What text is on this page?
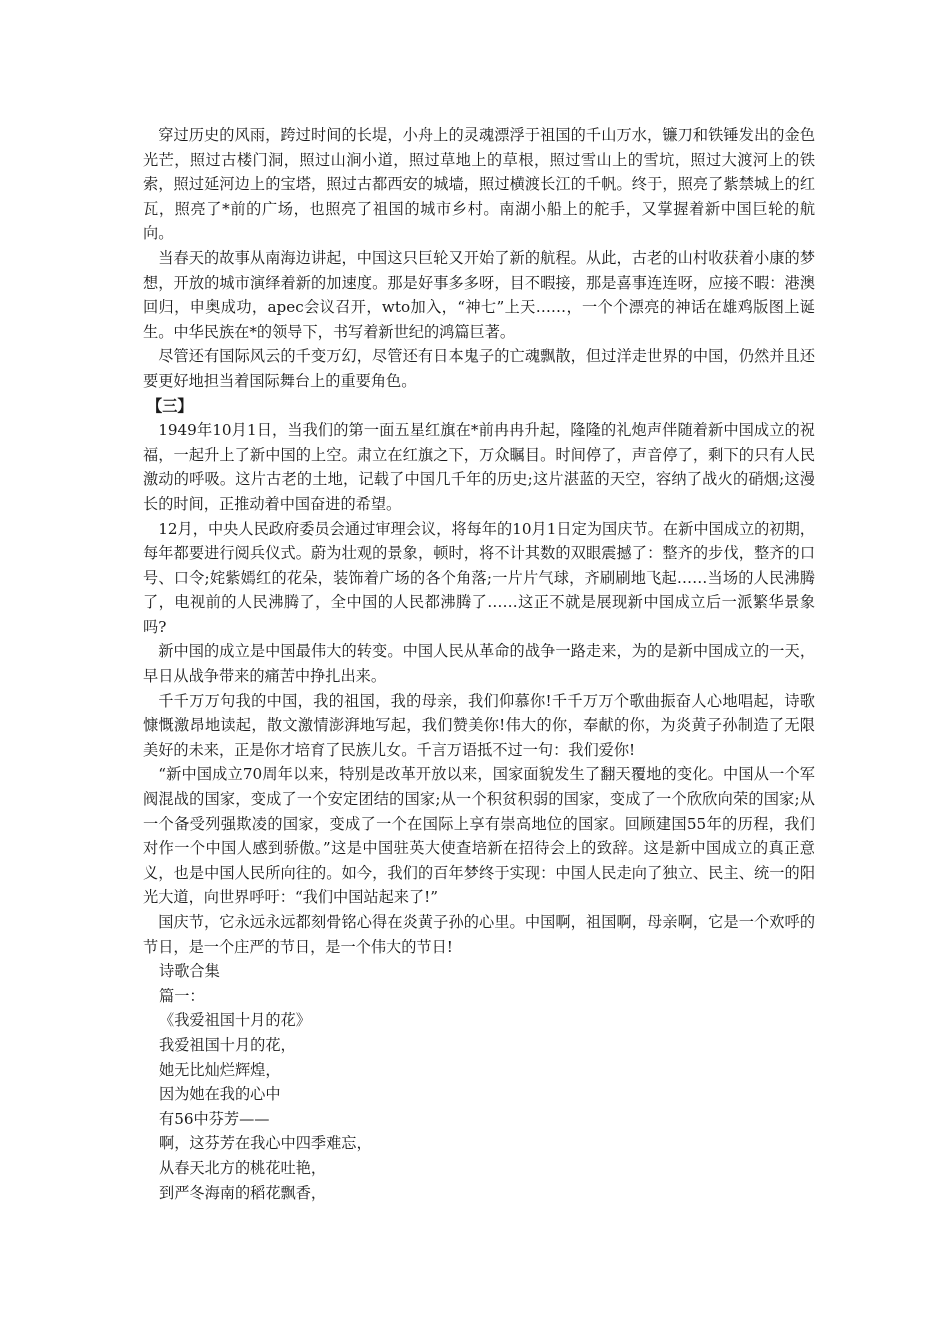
穿过历史的风雨，跨过时间的长堤，小舟上的灵魂漂浮于祖国的千山万水，镰刀和铁锤发出的金色光芒，照过古楼门洞，照过山涧小道，照过草地上的草根，照过雪山上的雪坑，照过大渡河上的铁索，照过延河边上的宝塔，照过古都西安的城墙，照过横渡长江的千帆。终于，照亮了紫禁城上的红瓦，照亮了*前的广场，也照亮了祖国的城市乡村。南湖小船上的舵手，又掌握着新中国巨轮的航向。

当春天的故事从南海边讲起，中国这只巨轮又开始了新的航程。从此，古老的山村收获着小康的梦想，开放的城市演绎着新的加速度。那是好事多多呀，目不暇接，那是喜事连连呀，应接不暇：港澳回归，申奥成功，apec会议召开，wto加入，“神七”上天……，一个个漂亮的神话在雄鸡版图上诞生。中华民族在*的领导下，书写着新世纪的鸿篇巨著。

尽管还有国际风云的千变万幻，尽管还有日本鬼子的亡魂飘散，但过洋走世界的中国，仍然并且还要更好地担当着国际舞台上的重要角色。

【三】

1949年10月1日，当我们的第一面五星红旗在*前冉冉升起，隆隆的礼炮声伴随着新中国成立的祝福，一起升上了新中国的上空。肃立在红旗之下，万众瞩目。时间停了，声音停了，剩下的只有人民激动的呼吸。这片古老的土地，记载了中国几千年的历史;这片湛蓝的天空，容纳了战火的硝烟;这漫长的时间，正推动着中国奋进的希望。

12月，中央人民政府委员会通过审理会议，将每年的10月1日定为国庆节。在新中国成立的初期，每年都要进行阅兵仪式。蔚为壮观的景象，顿时，将不计其数的双眼震撼了：整齐的步伐，整齐的口号、口令;姹紫嫣红的花朵，装饰着广场的各个角落;一片片气球，齐刷刷地飞起……当场的人民沸腾了，电视前的人民沸腾了，全中国的人民都沸腾了……这正不就是展现新中国成立后一派繁华景象吗?

新中国的成立是中国最伟大的转变。中国人民从革命的战争一路走来，为的是新中国成立的一天，早日从战争带来的痛苦中挣扎出来。

千千万万句我的中国，我的祖国，我的母亲，我们仰慕你!千千万万个歌曲振奋人心地唱起，诗歌慷慨激昂地读起，散文激情澎湃地写起，我们赞美你!伟大的你，奉献的你，为炎黄子孙制造了无限美好的未来，正是你才培育了民族儿女。千言万语抵不过一句：我们爱你!

“新中国成立70周年以来，特别是改革开放以来，国家面貌发生了翻天覆地的变化。中国从一个军阀混战的国家，变成了一个安定团结的国家;从一个积贫积弱的国家，变成了一个欣欣向荣的国家;从一个备受列强欺凌的国家，变成了一个在国际上享有崇高地位的国家。回顾建国55年的历程，我们对作一个中国人感到骄傲。”这是中国驻英大使查培新在招待会上的致辞。这是新中国成立的真正意义，也是中国人民所向往的。如今，我们的百年梦终于实现：中国人民走向了独立、民主、统一的阳光大道，向世界呼吁：“我们中国站起来了!”

国庆节，它永远永远都刻骨铭心得在炎黄子孙的心里。中国啊，祖国啊，母亲啊，它是一个欢呼的节日，是一个庄严的节日，是一个伟大的节日!

诗歌合集

篇一：

《我爱祖国十月的花》

我爱祖国十月的花，

她无比灿烂辉煌，

因为她在我的心中

有56中芬芳——

啊，这芬芳在我心中四季难忘，

从春天北方的桃花吐艳，

到严冬海南的稻花飘香，
